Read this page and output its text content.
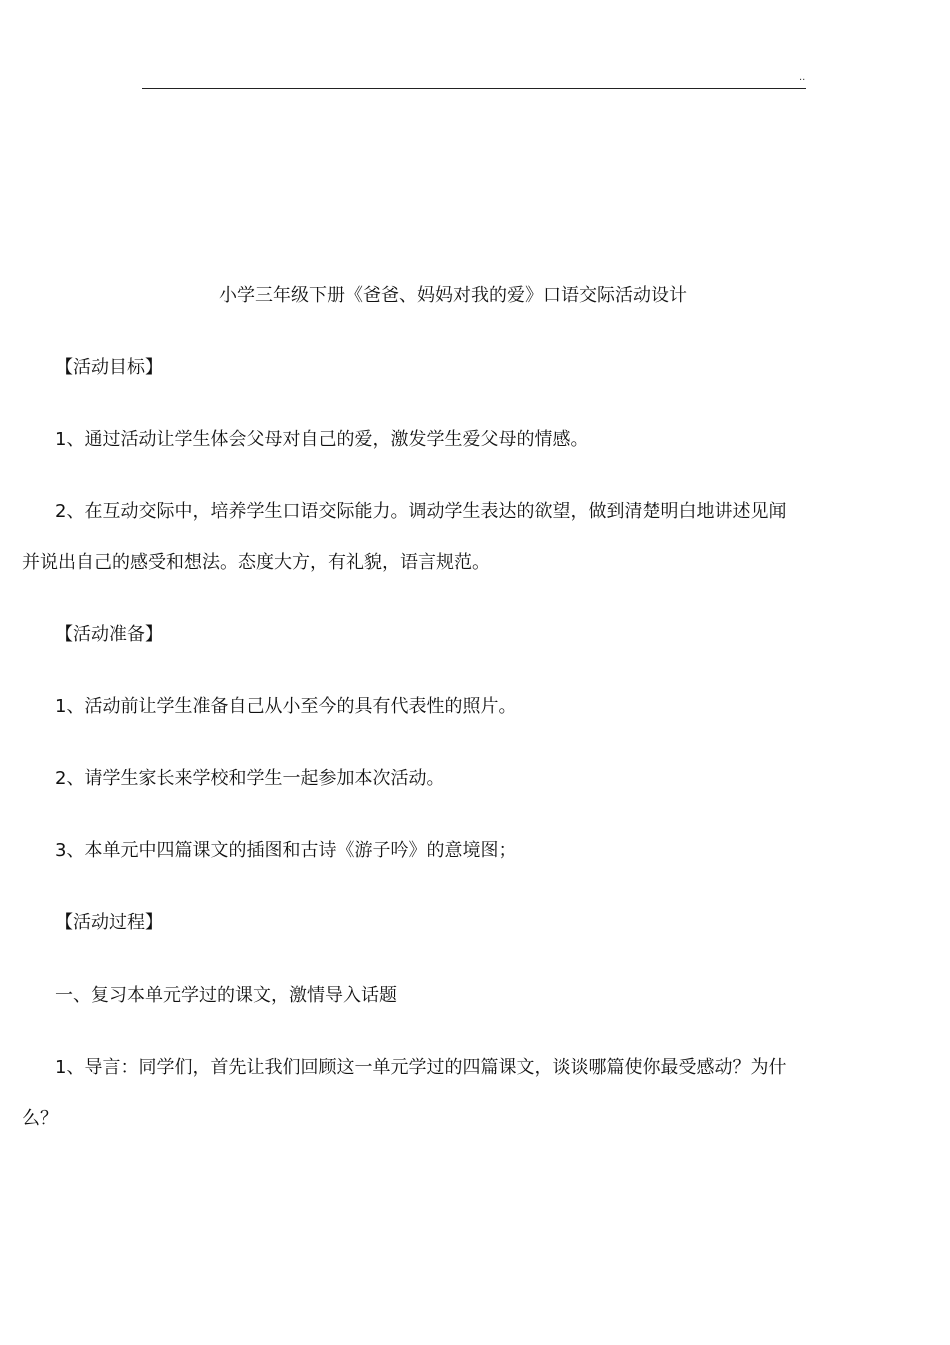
..
小学三年级下册《爸爸、妈妈对我的爱》口语交际活动设计
【活动目标】
1、通过活动让学生体会父母对自己的爱，激发学生爱父母的情感。
2、在互动交际中，培养学生口语交际能力。调动学生表达的欲望，做到清楚明白地讲述见闻
并说出自己的感受和想法。态度大方，有礼貌，语言规范。
【活动准备】
1、活动前让学生准备自己从小至今的具有代表性的照片。
2、请学生家长来学校和学生一起参加本次活动。
3、本单元中四篇课文的插图和古诗《游子吟》的意境图；
【活动过程】
一、复习本单元学过的课文，激情导入话题
1、导言：同学们，首先让我们回顾这一单元学过的四篇课文，谈谈哪篇使你最受感动？为什
么？
